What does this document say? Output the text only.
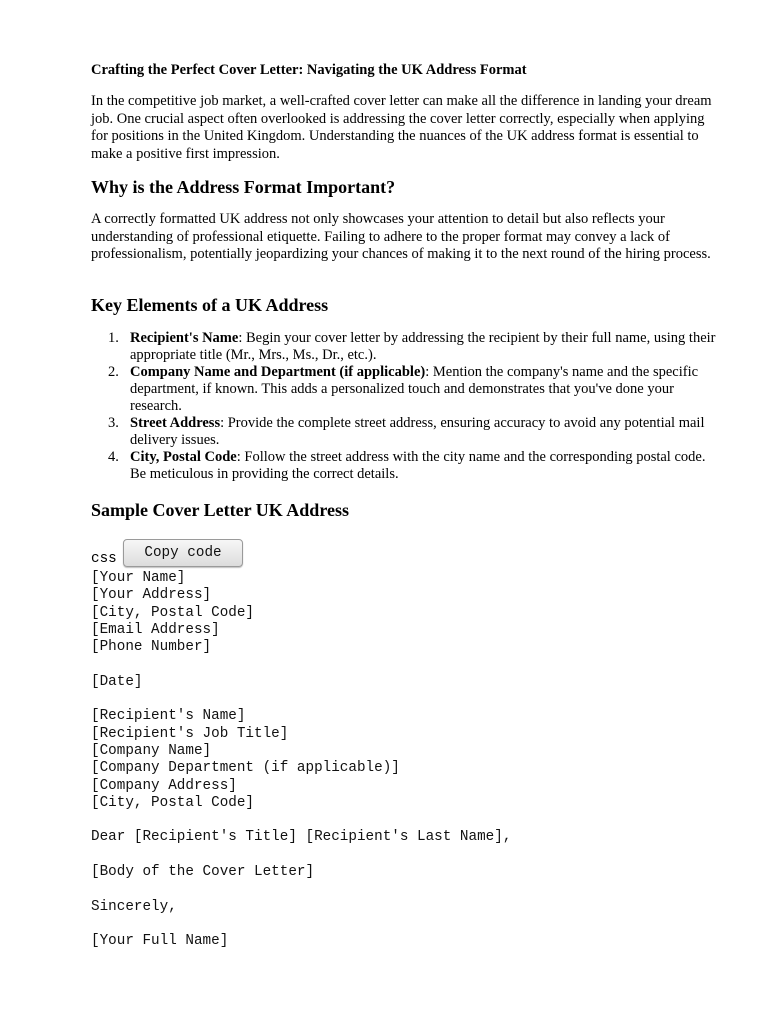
Crafting the Perfect Cover Letter: Navigating the UK Address Format
In the competitive job market, a well-crafted cover letter can make all the difference in landing your dream job. One crucial aspect often overlooked is addressing the cover letter correctly, especially when applying for positions in the United Kingdom. Understanding the nuances of the UK address format is essential to make a positive first impression.
Why is the Address Format Important?
A correctly formatted UK address not only showcases your attention to detail but also reflects your understanding of professional etiquette. Failing to adhere to the proper format may convey a lack of professionalism, potentially jeopardizing your chances of making it to the next round of the hiring process.
Key Elements of a UK Address
1. Recipient's Name: Begin your cover letter by addressing the recipient by their full name, using their appropriate title (Mr., Mrs., Ms., Dr., etc.).
2. Company Name and Department (if applicable): Mention the company's name and the specific department, if known. This adds a personalized touch and demonstrates that you've done your research.
3. Street Address: Provide the complete street address, ensuring accuracy to avoid any potential mail delivery issues.
4. City, Postal Code: Follow the street address with the city name and the corresponding postal code. Be meticulous in providing the correct details.
Sample Cover Letter UK Address
css	Copy code
[Your Name]
[Your Address]
[City, Postal Code]
[Email Address]
[Phone Number]
[Date]
[Recipient's Name]
[Recipient's Job Title]
[Company Name]
[Company Department (if applicable)]
[Company Address]
[City, Postal Code]
Dear [Recipient's Title] [Recipient's Last Name],
[Body of the Cover Letter]
Sincerely,
[Your Full Name]
